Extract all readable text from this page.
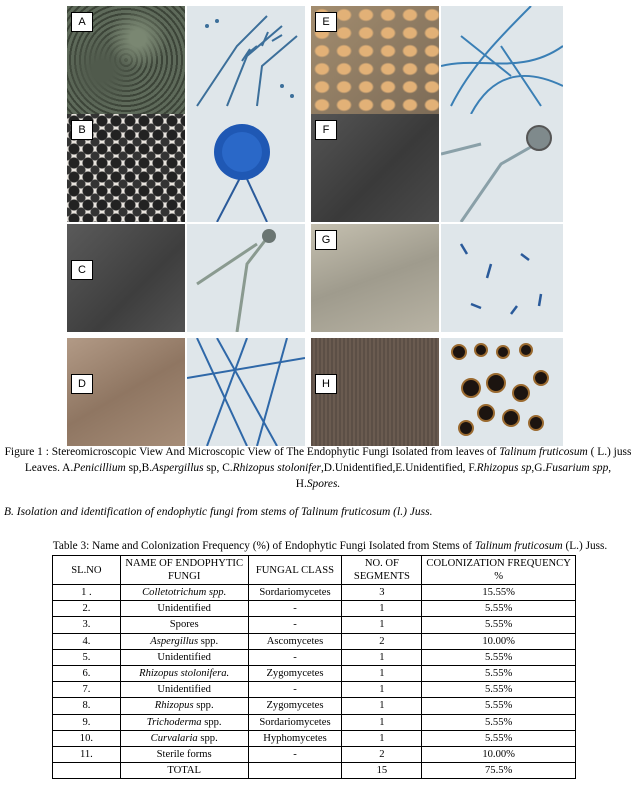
A	E
B	F
C
G
D	H
Figure 1 : Stereomicroscopic View And Microscopic View of The Endophytic Fungi Isolated from leaves of Talinum fruticosum ( L.) juss Leaves. A.Penicillium sp,B.Aspergillus sp, C.Rhizopus stolonifer,D.Unidentified,E.Unidentified, F.Rhizopus sp,G.Fusarium spp, H.Spores.
B. Isolation and identification of endophytic fungi from stems of Talinum fruticosum (l.) Juss.
Table 3: Name and Colonization Frequency (%) of Endophytic Fungi Isolated from Stems of Talinum fruticosum (L.) Juss.
SL.NO	NAME OF ENDOPHYTIC FUNGI	FUNGAL CLASS	NO. OF SEGMENTS	COLONIZATION FREQUENCY %
1 .	Colletotrichum spp.	Sordariomycetes	3	15.55%
2.	Unidentified	-	1	5.55%
3.	Spores	-	1	5.55%
4.	Aspergillus spp.	Ascomycetes	2	10.00%
5.	Unidentified	-	1	5.55%
6.	Rhizopus stolonifera.	Zygomycetes	1	5.55%
7.	Unidentified	-	1	5.55%
8.	Rhizopus spp.	Zygomycetes	1	5.55%
9.	Trichoderma spp.	Sordariomycetes	1	5.55%
10.	Curvalaria spp.	Hyphomycetes	1	5.55%
11.	Sterile forms	-	2	10.00%
	TOTAL		15	75.5%
